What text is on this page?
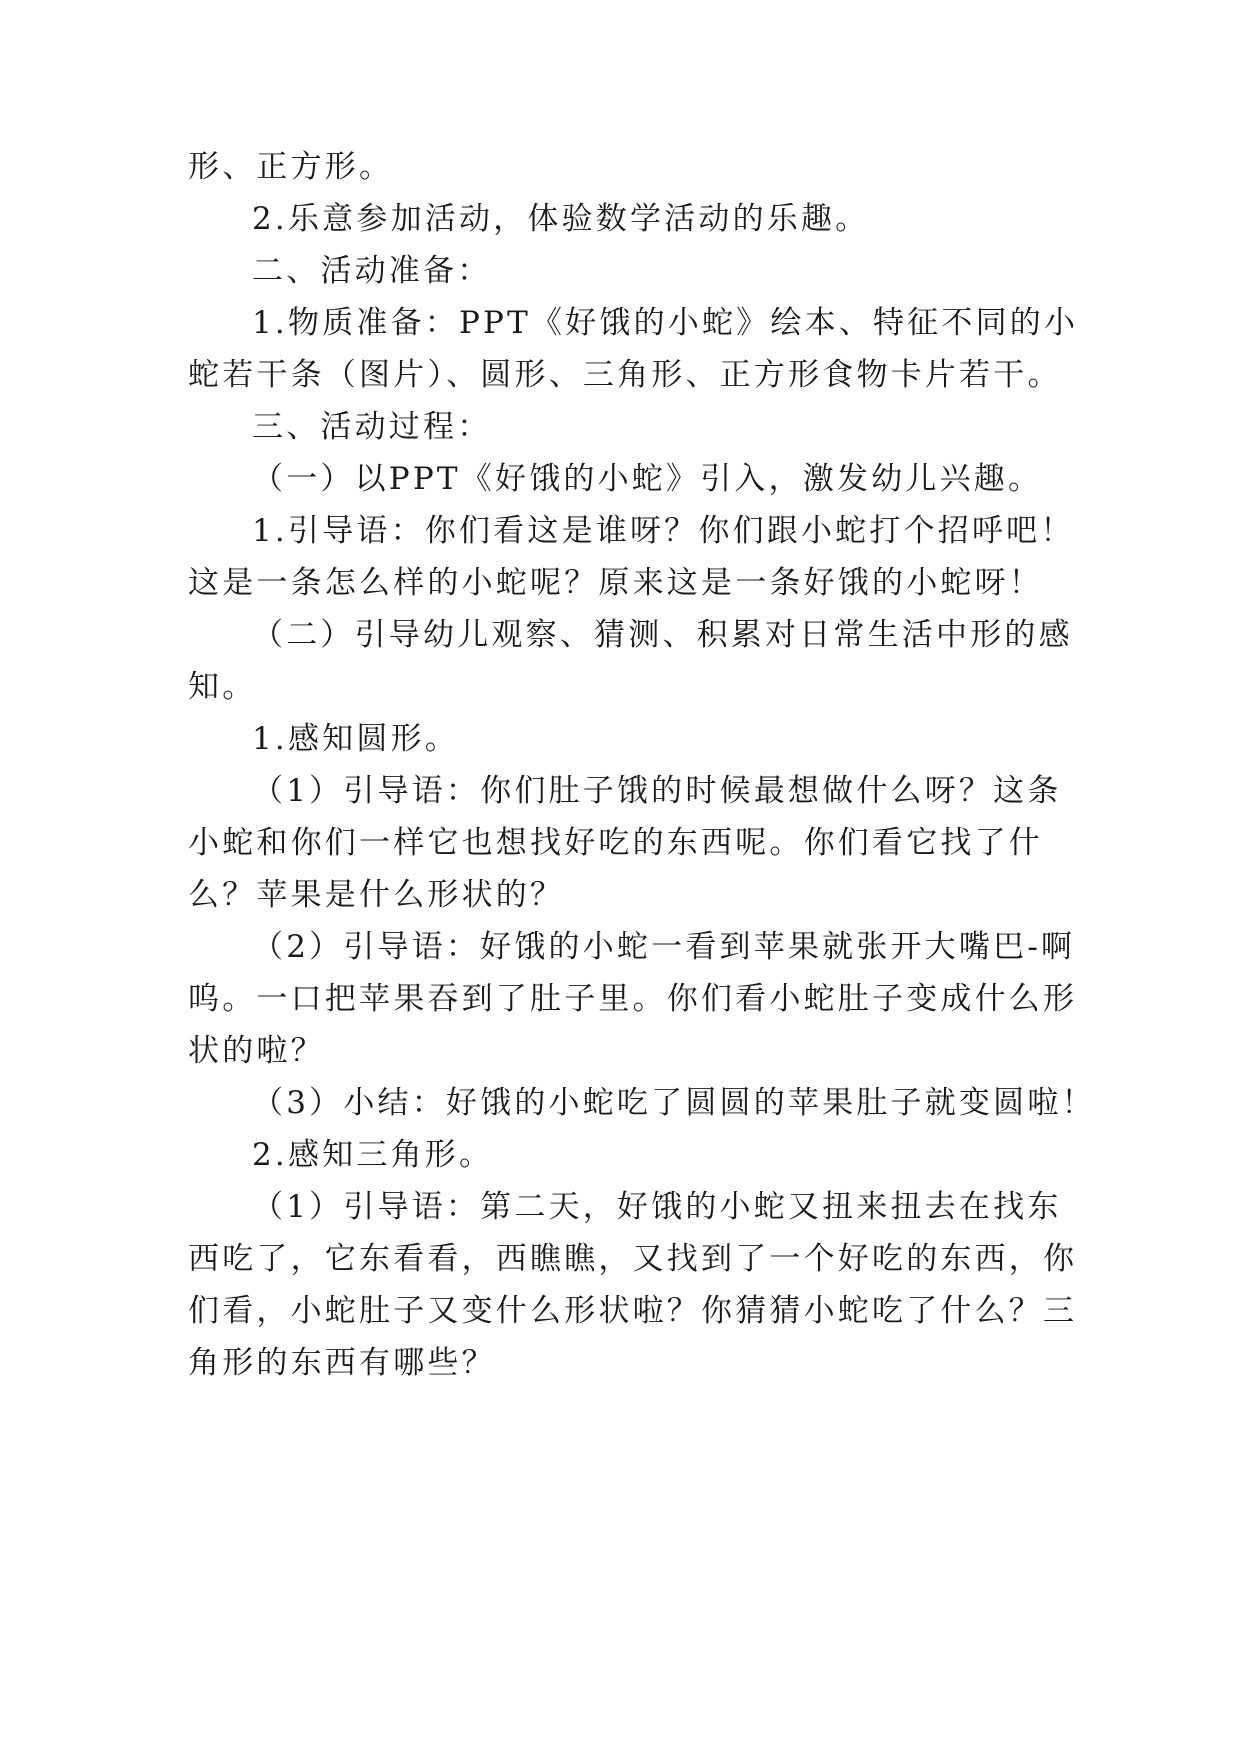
形、正方形。
2.乐意参加活动，体验数学活动的乐趣。
二、活动准备：
1.物质准备：PPT《好饿的小蛇》绘本、特征不同的小
蛇若干条（图片）、圆形、三角形、正方形食物卡片若干。
三、活动过程：
（一）以PPT《好饿的小蛇》引入，激发幼儿兴趣。
1.引导语：你们看这是谁呀？你们跟小蛇打个招呼吧！
这是一条怎么样的小蛇呢？原来这是一条好饿的小蛇呀！
（二）引导幼儿观察、猜测、积累对日常生活中形的感
知。
1.感知圆形。
（1）引导语：你们肚子饿的时候最想做什么呀？这条
小蛇和你们一样它也想找好吃的东西呢。你们看它找了什
么？苹果是什么形状的？
（2）引导语：好饿的小蛇一看到苹果就张开大嘴巴-啊
呜。一口把苹果吞到了肚子里。你们看小蛇肚子变成什么形
状的啦？
（3）小结：好饿的小蛇吃了圆圆的苹果肚子就变圆啦！
2.感知三角形。
（1）引导语：第二天，好饿的小蛇又扭来扭去在找东
西吃了，它东看看，西瞧瞧，又找到了一个好吃的东西，你
们看，小蛇肚子又变什么形状啦？你猜猜小蛇吃了什么？三
角形的东西有哪些？
